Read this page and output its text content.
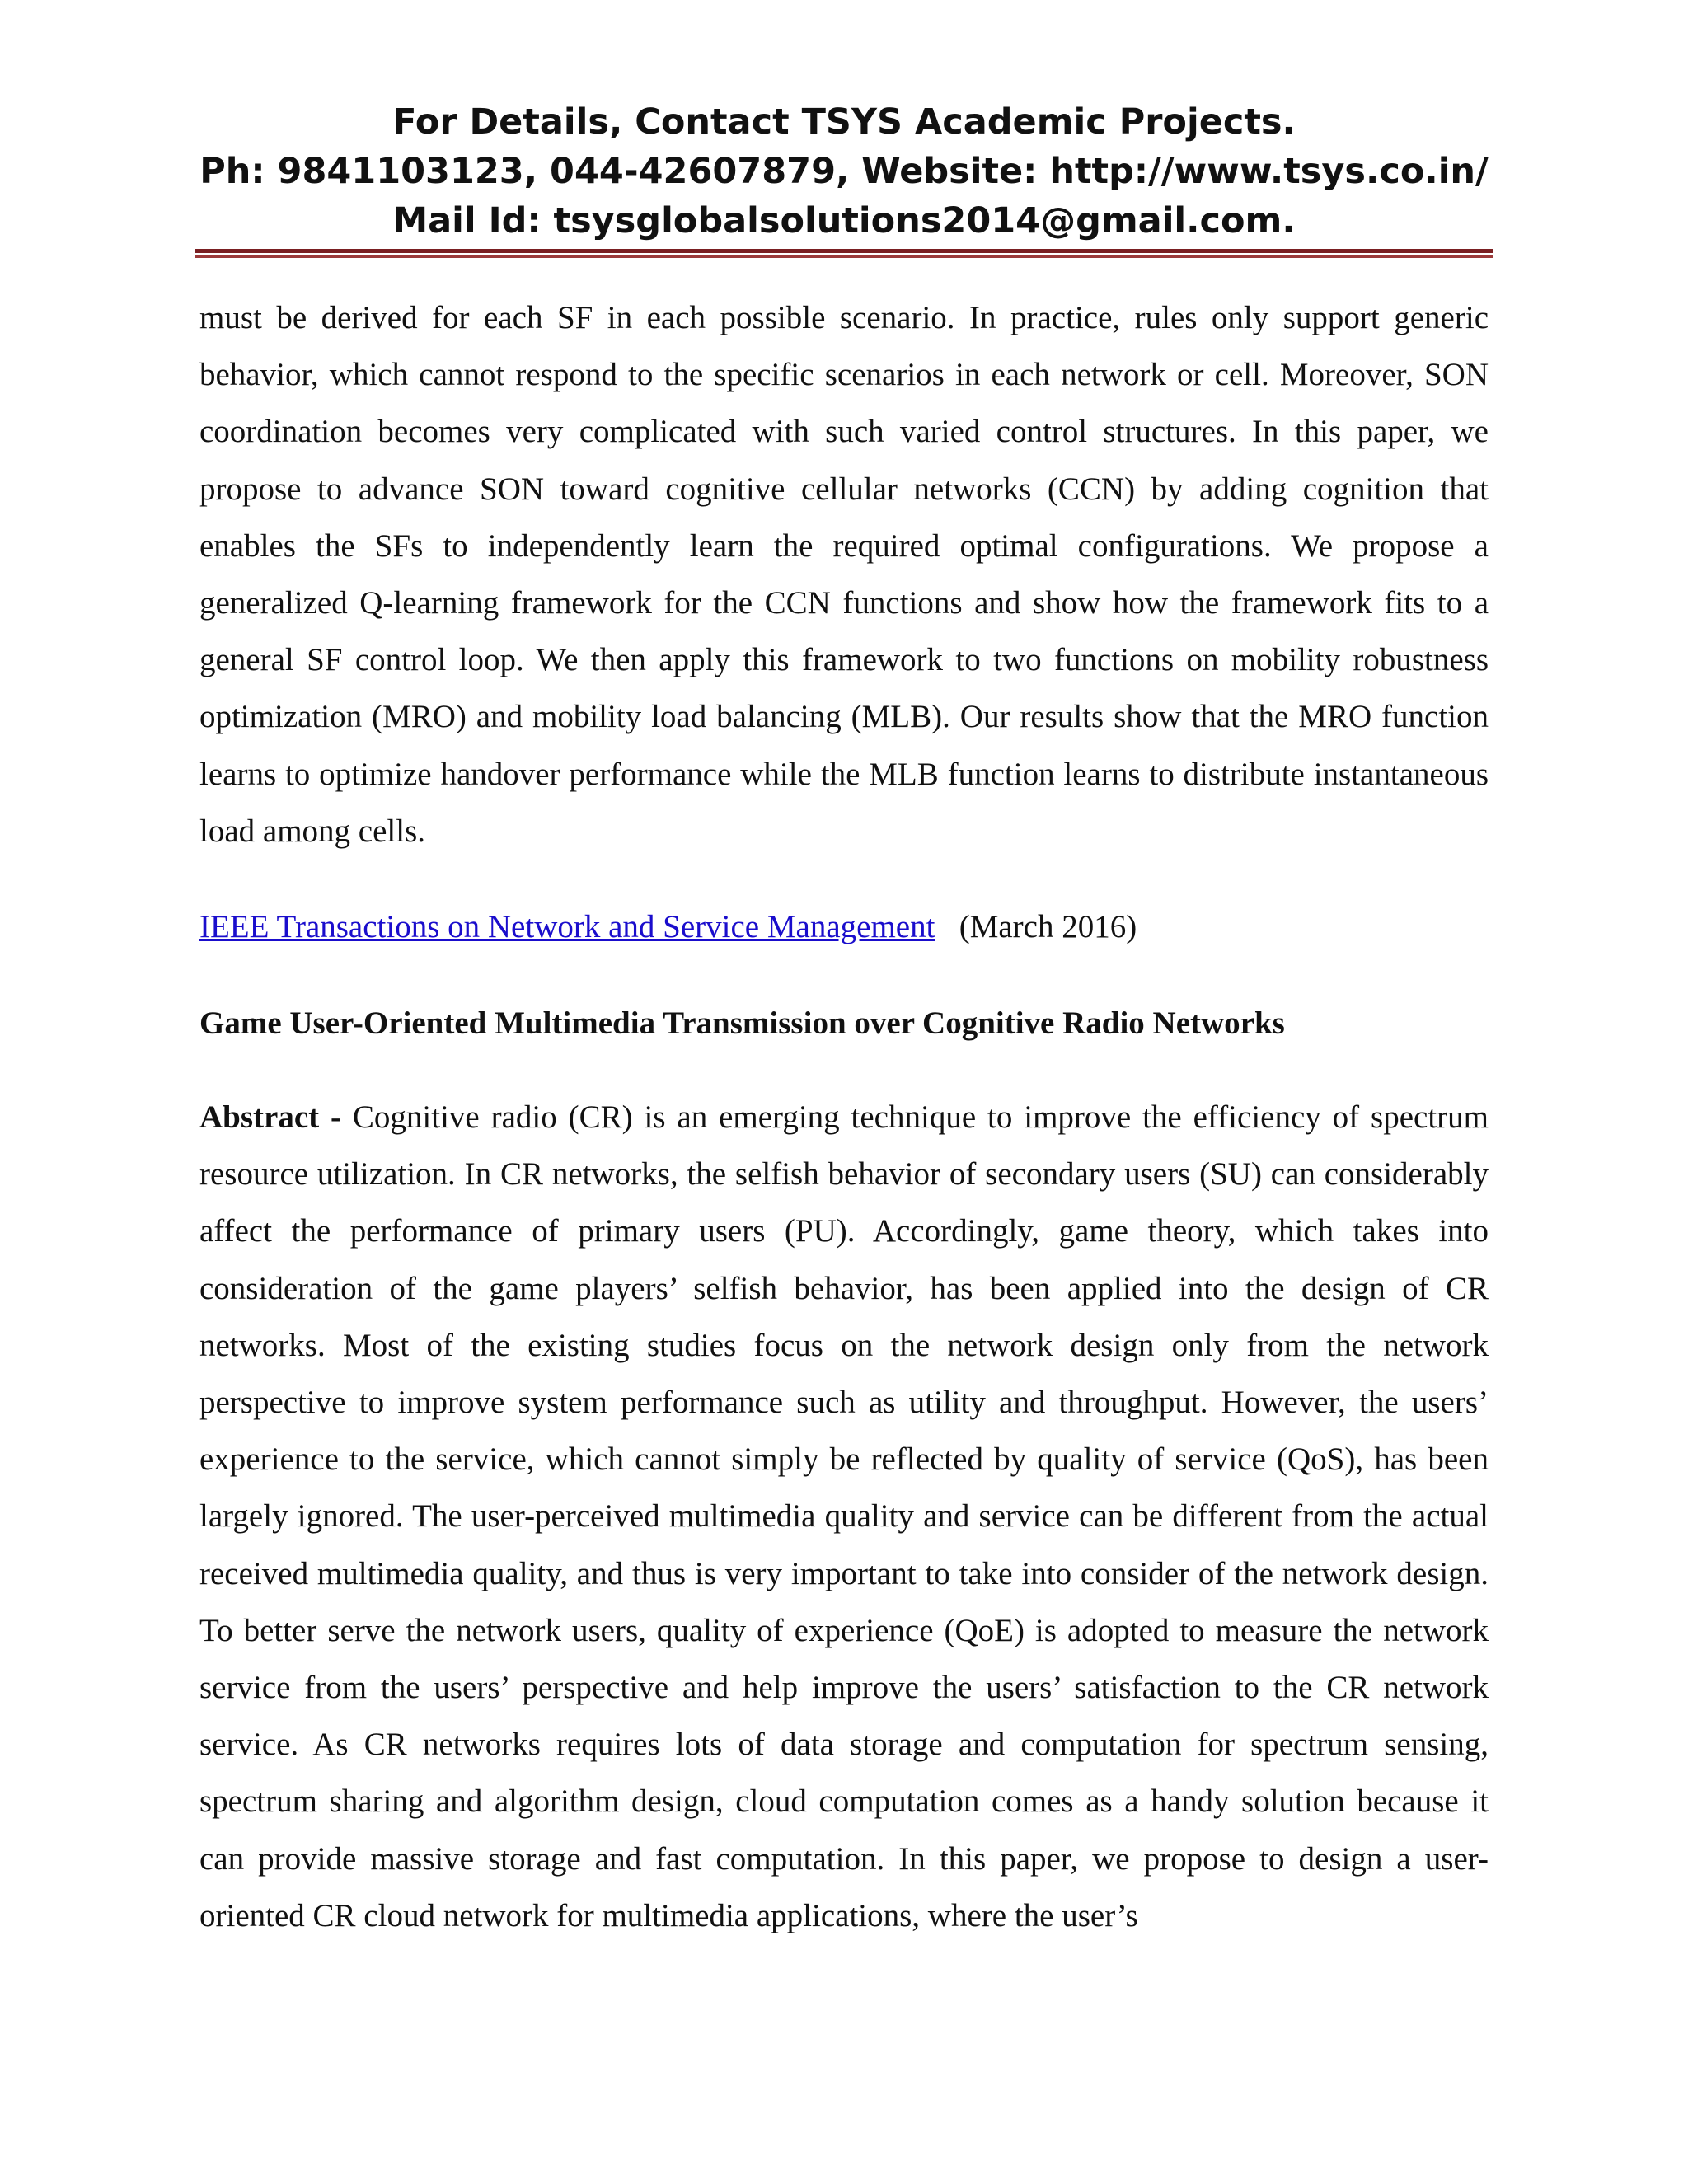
For Details, Contact TSYS Academic Projects.
Ph: 9841103123, 044-42607879, Website: http://www.tsys.co.in/
Mail Id: tsysglobalsolutions2014@gmail.com.

must be derived for each SF in each possible scenario. In practice, rules only support generic behavior, which cannot respond to the specific scenarios in each network or cell. Moreover, SON coordination becomes very complicated with such varied control structures. In this paper, we propose to advance SON toward cognitive cellular networks (CCN) by adding cognition that enables the SFs to independently learn the required optimal configurations. We propose a generalized Q-learning framework for the CCN functions and show how the framework fits to a general SF control loop. We then apply this framework to two functions on mobility robustness optimization (MRO) and mobility load balancing (MLB). Our results show that the MRO function learns to optimize handover performance while the MLB function learns to distribute instantaneous load among cells.

IEEE Transactions on Network and Service Management (March 2016)
Game User-Oriented Multimedia Transmission over Cognitive Radio Networks

Abstract - Cognitive radio (CR) is an emerging technique to improve the efficiency of spectrum resource utilization. In CR networks, the selfish behavior of secondary users (SU) can considerably affect the performance of primary users (PU). Accordingly, game theory, which takes into consideration of the game players’ selfish behavior, has been applied into the design of CR networks. Most of the existing studies focus on the network design only from the network perspective to improve system performance such as utility and throughput. However, the users’ experience to the service, which cannot simply be reflected by quality of service (QoS), has been largely ignored. The user-perceived multimedia quality and service can be different from the actual received multimedia quality, and thus is very important to take into consider of the network design. To better serve the network users, quality of experience (QoE) is adopted to measure the network service from the users’ perspective and help improve the users’ satisfaction to the CR network service. As CR networks requires lots of data storage and computation for spectrum sensing, spectrum sharing and algorithm design, cloud computation comes as a handy solution because it can provide massive storage and fast computation. In this paper, we propose to design a user-oriented CR cloud network for multimedia applications, where the user’s
